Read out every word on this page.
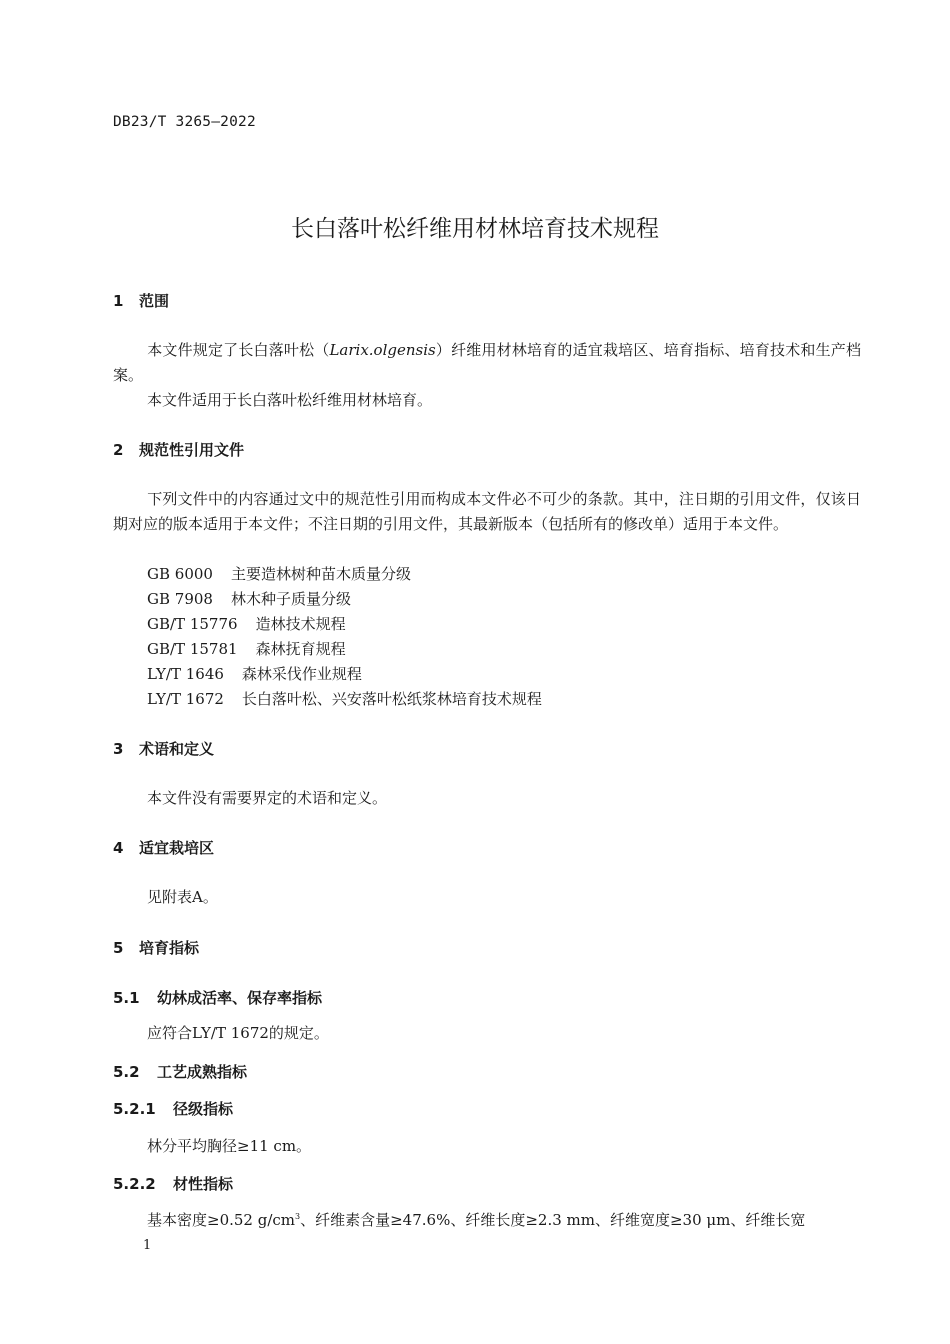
DB23/T 3265—2022
长白落叶松纤维用材林培育技术规程
1 范围

本文件规定了长白落叶松（Larix.olgensis）纤维用材林培育的适宜栽培区、培育指标、培育技术和生产档案。

本文件适用于长白落叶松纤维用材林培育。

2 规范性引用文件

下列文件中的内容通过文中的规范性引用而构成本文件必不可少的条款。其中，注日期的引用文件，仅该日期对应的版本适用于本文件；不注日期的引用文件，其最新版本（包括所有的修改单）适用于本文件。

GB 6000 主要造林树种苗木质量分级
GB 7908 林木种子质量分级
GB/T 15776 造林技术规程
GB/T 15781 森林抚育规程
LY/T 1646 森林采伐作业规程
LY/T 1672 长白落叶松、兴安落叶松纸浆林培育技术规程
3 术语和定义

本文件没有需要界定的术语和定义。

4 适宜栽培区

见附表A。

5 培育指标
5.1 幼林成活率、保存率指标

应符合LY/T 1672的规定。

5.2 工艺成熟指标
5.2.1 径级指标

林分平均胸径≥11 cm。

5.2.2 材性指标

基本密度≥0.52 $g/cm^3$、纤维素含量≥47.6%、纤维长度≥2.3 mm、纤维宽度≥30 μm、纤维长宽

1
